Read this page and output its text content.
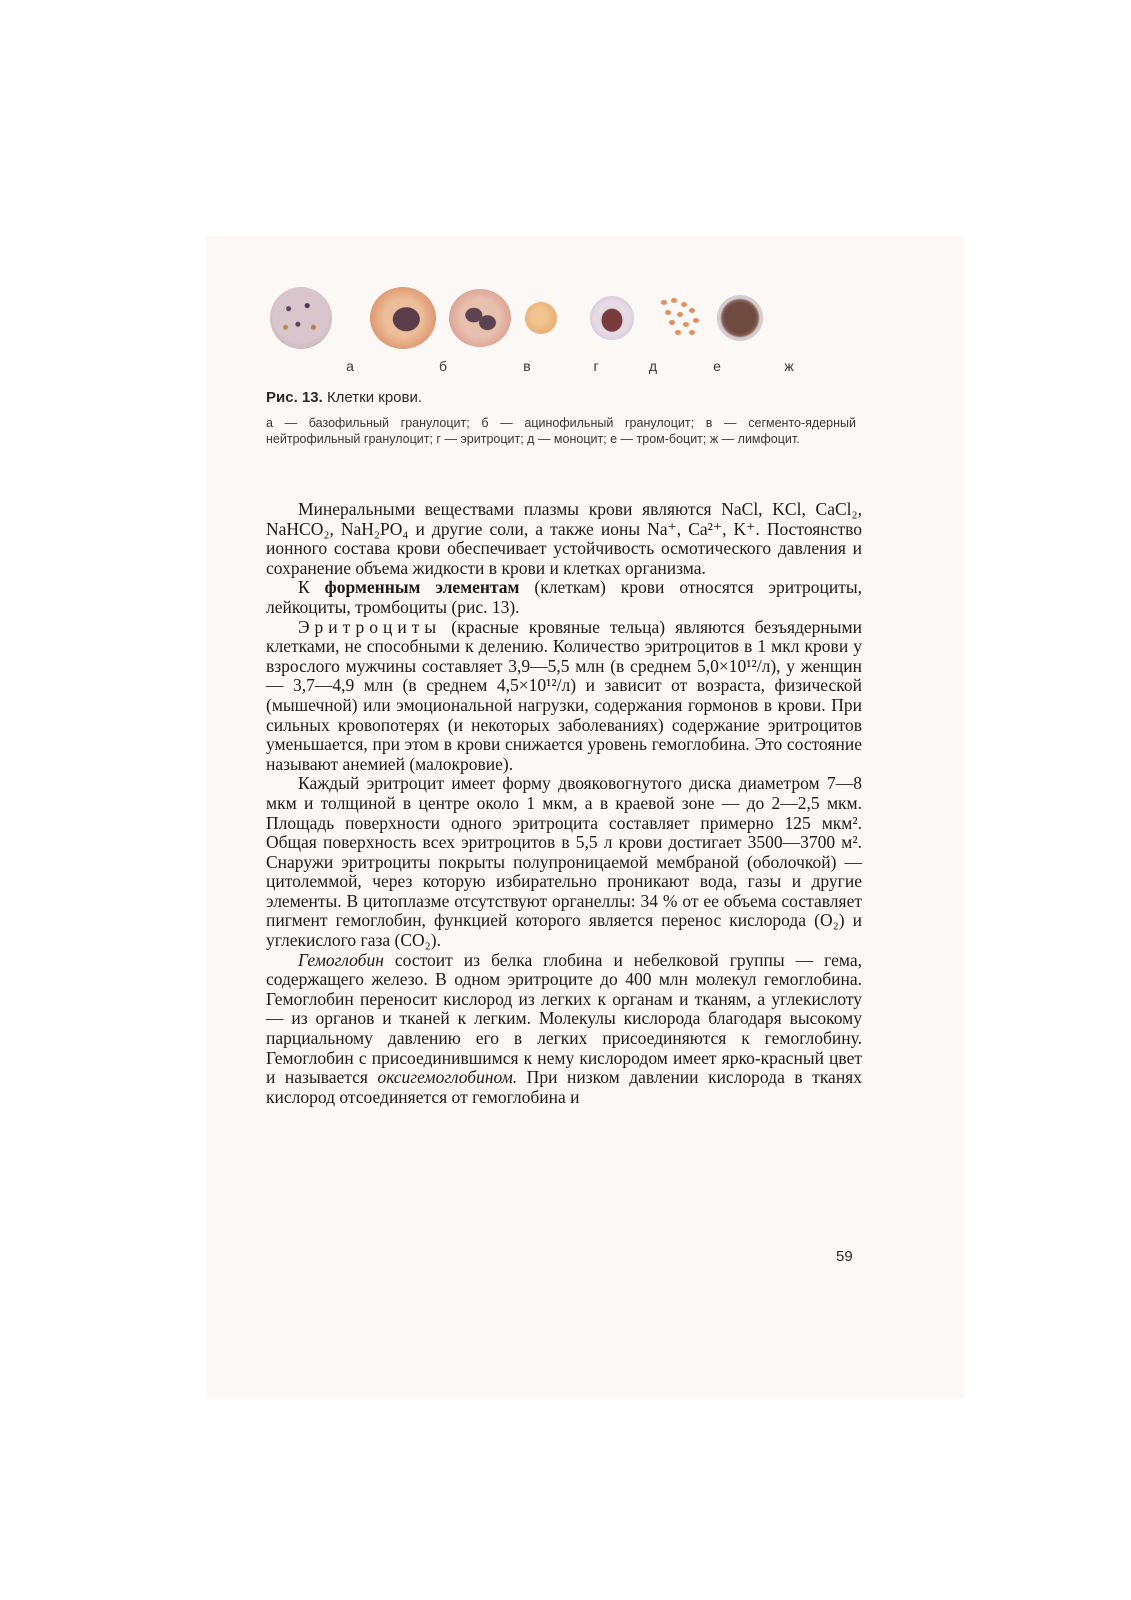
а	б	в	г	д	е	ж
Рис. 13. Клетки крови.
а — базофильный гранулоцит; б — ацинофильный гранулоцит; в — сегменто-ядерный нейтрофильный гранулоцит; г — эритроцит; д — моноцит; е — тром-боцит; ж — лимфоцит.

Минеральными веществами плазмы крови являются NaCl, KCl, CaCl₂, NaHCO₂, NaH₂PO₄ и другие соли, а также ионы Na⁺, Ca²⁺, K⁺. Постоянство ионного состава крови обеспечивает устойчивость осмотического давления и сохранение объема жидкости в крови и клетках организма.

К форменным элементам (клеткам) крови относятся эритроциты, лейкоциты, тромбоциты (рис. 13).

Эритроциты (красные кровяные тельца) являются безъядерными клетками, не способными к делению. Количество эритроцитов в 1 мкл крови у взрослого мужчины составляет 3,9—5,5 млн (в среднем 5,0×10¹²/л), у женщин — 3,7—4,9 млн (в среднем 4,5×10¹²/л) и зависит от возраста, физической (мышечной) или эмоциональной нагрузки, содержания гормонов в крови. При сильных кровопотерях (и некоторых заболеваниях) содержание эритроцитов уменьшается, при этом в крови снижается уровень гемоглобина. Это состояние называют анемией (малокровие).

Каждый эритроцит имеет форму двояковогнутого диска диаметром 7—8 мкм и толщиной в центре около 1 мкм, а в краевой зоне — до 2—2,5 мкм. Площадь поверхности одного эритроцита составляет примерно 125 мкм². Общая поверхность всех эритроцитов в 5,5 л крови достигает 3500—3700 м². Снаружи эритроциты покрыты полупроницаемой мембраной (оболочкой) — цитолеммой, через которую избирательно проникают вода, газы и другие элементы. В цитоплазме отсутствуют органеллы: 34 % от ее объема составляет пигмент гемоглобин, функцией которого является перенос кислорода (O₂) и углекислого газа (CO₂).

Гемоглобин состоит из белка глобина и небелковой группы — гема, содержащего железо. В одном эритроците до 400 млн молекул гемоглобина. Гемоглобин переносит кислород из легких к органам и тканям, а углекислоту — из органов и тканей к легким. Молекулы кислорода благодаря высокому парциальному давлению его в легких присоединяются к гемоглобину. Гемоглобин с присоединившимся к нему кислородом имеет ярко-красный цвет и называется оксигемоглобином. При низком давлении кислорода в тканях кислород отсоединяется от гемоглобина и

59
